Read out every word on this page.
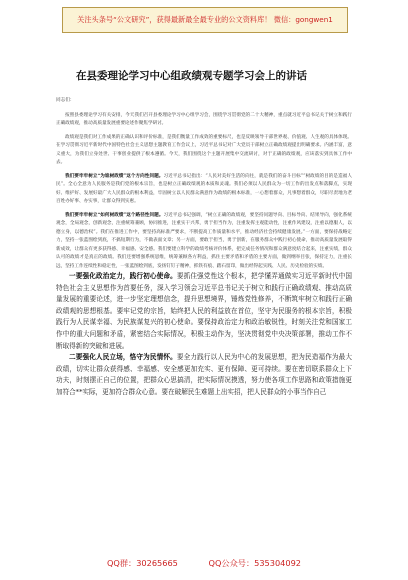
关注头条号“公文研究”，获得最新最全最专业的公文资料库！ 微信：gongwen1
在县委理论学习中心组政绩观专题学习会上的讲话

同志们：

按照县委理论学习有关安排，今天我们召开县委理论学习中心组学习会，围绕学习贯彻党的二十大精神，重点就习近平总书记关于树立和践行正确政绩观，推动高质量发展重要论述作聚焦学研讨。

政绩观是我们对工作成果的正确认识和评价标准，是我们衡量工作成效的重要标尺，也是反映领导干部世界观、价值观、人生观的具体体现。在学习贯彻习近平新时代中国特色社会主义思想主题教育工作会议上，习近平总书记对广大党员干部树立正确政绩观提出明确要求。内涵丰富，意义重大，为我们立身处世、干事创业提供了根本遵循。今天，我们围绕这个主题开展集中交流研讨，对于正确的政绩观，应该落实到具体工作中去。

我们要牢牢树立“为谁树政绩”这个方向性问题。习近平总书记指出：“人民对美好生活的向往，就是我们的奋斗目标”“树政绩的目的是造福人民”。全心全意为人民服务是我们党的根本宗旨，也是树立正确政绩观的本质和灵魂。我们必须以人民群众为一切工作的出发点和落脚点，实现好、维护好、发展好最广大人民群众的根本利益，牢固树立以人民群众满意作为政绩的根本标准，一心想着群众，凡事想着群众，尽职尽责地为老百姓办好事、办实事，让群众得到实惠。

我们要牢牢树立“如何树政绩”这个路径性问题。习近平总书记强调，“树立正确的政绩观，要坚持问题导向、目标导向、结果导向，强化系统观念，全局观念，创新观念，注重统筹兼顾，协同推进，注重实干兴邦，勇于担当作为，注重发挥主观能动性，注重作风建设，注重以德服人，以德立身，以德治权”。我们在推进工作中，要坚持高标准严要求，不断提高工作质量和水平，推动经济社会持续健康发展。”一方面，要保持战略定力，坚持一张蓝图绘到底，不搞短期行为，不做表面文章；另一方面，要敢于担当，勇于创新，在服务群众中践行初心使命，推动高质量发展取得新成效，让群众有更多获得感、幸福感、安全感。我们要建立科学的政绩考核评价体系，把完成任务情况和群众满意度结合起来，注重实绩，群众认可的政绩才是真正的政绩。我们还要增强系统思维，统筹兼顾各方利益，抓住主要矛盾和矛盾的主要方面，做到纲举目张，保持定力，注重长远，坚持工作连续性和稳定性，一张蓝图绘到底，发扬钉钉子精神，抓铁有痕、踏石留印，做出经得起实践、人民、历史检验的实绩。

一要强化政治定力，践行初心使命。要抓住强党性这个根本，把学懂弄通做实习近平新时代中国特色社会主义思想作为首要任务，深入学习领会习近平总书记关于树立和践行正确政绩观、推动高质量发展的重要论述，进一步坚定理想信念，提升思想境界，锤炼党性修养，不断筑牢树立和践行正确政绩观的思想根基。要牢记党的宗旨，始终把人民的利益放在首位，坚守为民服务的根本宗旨，积极践行为人民谋幸福、为民族谋复兴的初心使命。要保持政治定力和政治敏锐性，时刻关注党和国家工作中的重大问题和矛盾，紧密结合实际情况，积极主动作为，坚决贯彻党中央决策部署，推动工作不断取得新的突破和进展。

二要强化人民立场，恪守为民情怀。要全力践行以人民为中心的发展思想，把为民造福作为最大政绩，切实让群众获得感、幸福感、安全感更加充实、更有保障、更可持续。要在密切联系群众上下功夫，时刻摆正自己的位置，把群众心思搞清，把实际情况摸透，努力使各项工作思路和政策措施更加符合**实际，更加符合群众心意。要在破解民生难题上出实招，把人民群众的小事当作自己

QQ群：30265665	QQ公众号：535304092
